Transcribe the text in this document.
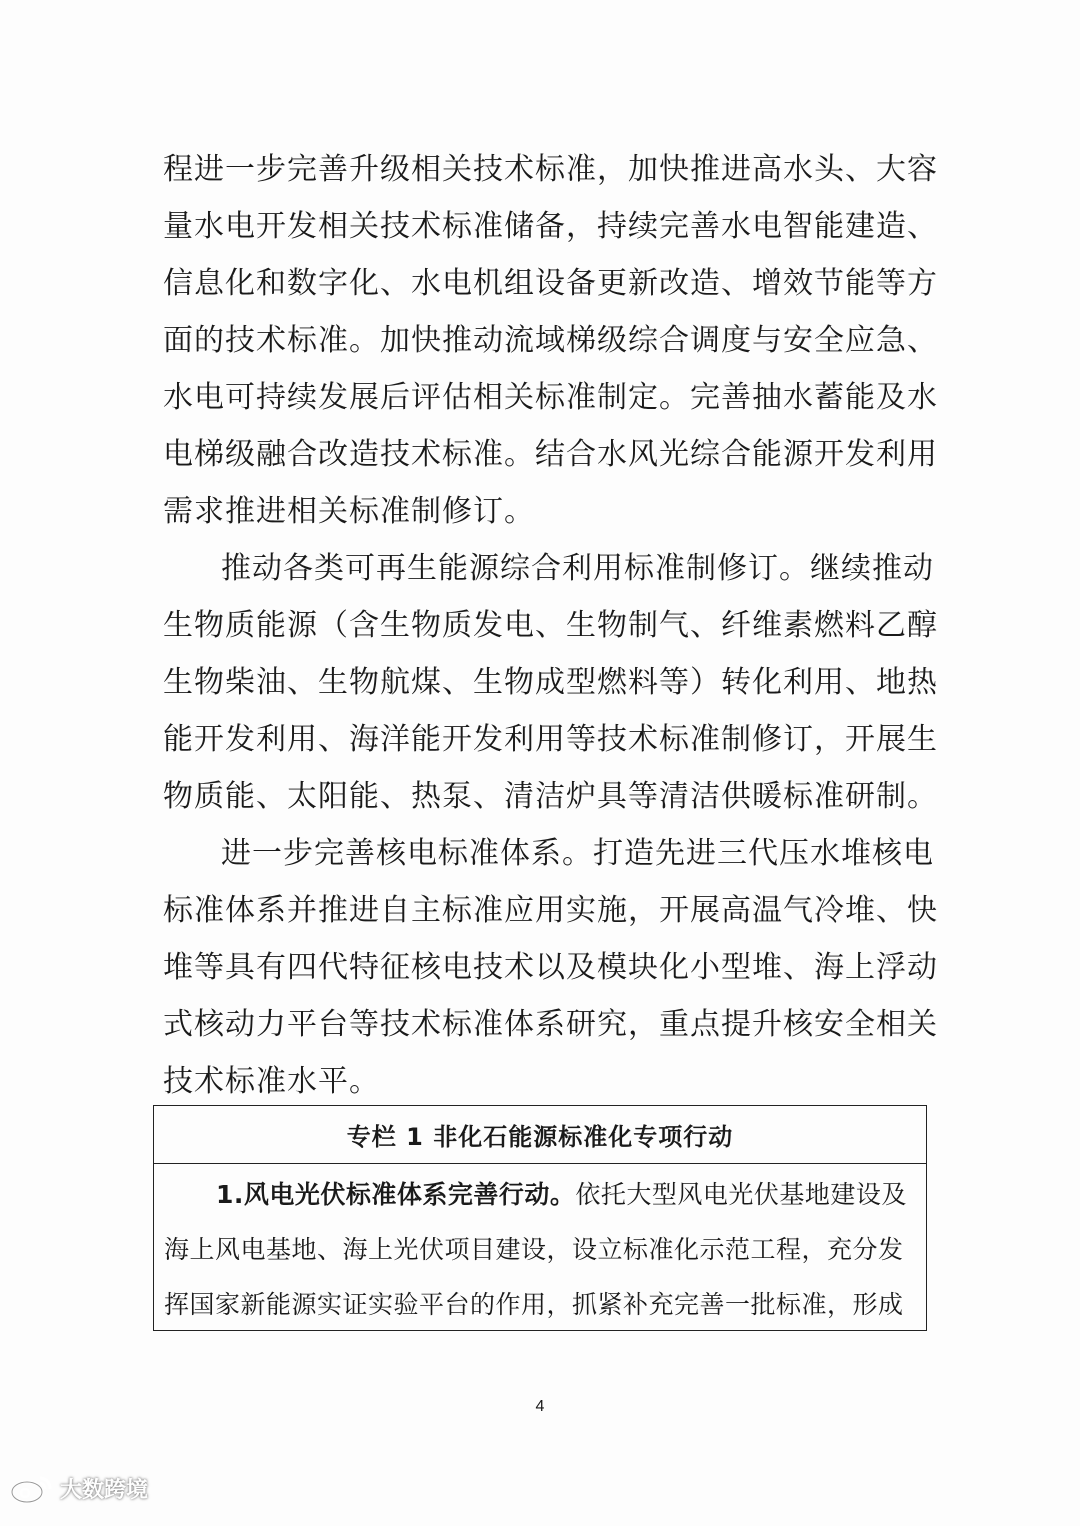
程进一步完善升级相关技术标准，加快推进高水头、大容
量水电开发相关技术标准储备，持续完善水电智能建造、
信息化和数字化、水电机组设备更新改造、增效节能等方
面的技术标准。加快推动流域梯级综合调度与安全应急、
水电可持续发展后评估相关标准制定。完善抽水蓄能及水
电梯级融合改造技术标准。结合水风光综合能源开发利用
需求推进相关标准制修订。
推动各类可再生能源综合利用标准制修订。继续推动
生物质能源（含生物质发电、生物制气、纤维素燃料乙醇
生物柴油、生物航煤、生物成型燃料等）转化利用、地热
能开发利用、海洋能开发利用等技术标准制修订，开展生
物质能、太阳能、热泵、清洁炉具等清洁供暖标准研制。
进一步完善核电标准体系。打造先进三代压水堆核电
标准体系并推进自主标准应用实施，开展高温气冷堆、快
堆等具有四代特征核电技术以及模块化小型堆、海上浮动
式核动力平台等技术标准体系研究，重点提升核安全相关
技术标准水平。
专栏 1 非化石能源标准化专项行动
1.风电光伏标准体系完善行动。依托大型风电光伏基地建设及
海上风电基地、海上光伏项目建设，设立标准化示范工程，充分发
挥国家新能源实证实验平台的作用，抓紧补充完善一批标准，形成
4
大数跨境
